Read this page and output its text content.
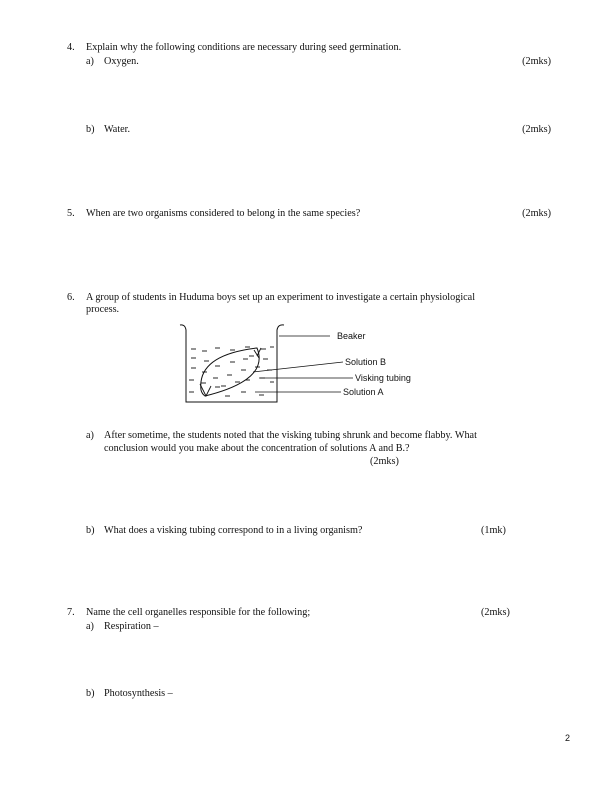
4.	Explain why the following conditions are necessary during seed germination.
a) Oxygen.	(2mks)
b) Water.	(2mks)
5.	When are two organisms considered to belong in the same species?	(2mks)
6.	A group of students in Huduma boys set up an experiment to investigate a certain physiological
process.
Beaker
Solution B
Visking tubing
Solution A
a) After sometime, the students noted that the visking tubing shrunk and become flabby. What
conclusion would you make about the concentration of solutions A and B.?
(2mks)
b) What does a visking tubing correspond to in a living organism?	(1mk)
7.	Name the cell organelles responsible for the following;	(2mks)
a) Respiration –
b) Photosynthesis –
2
